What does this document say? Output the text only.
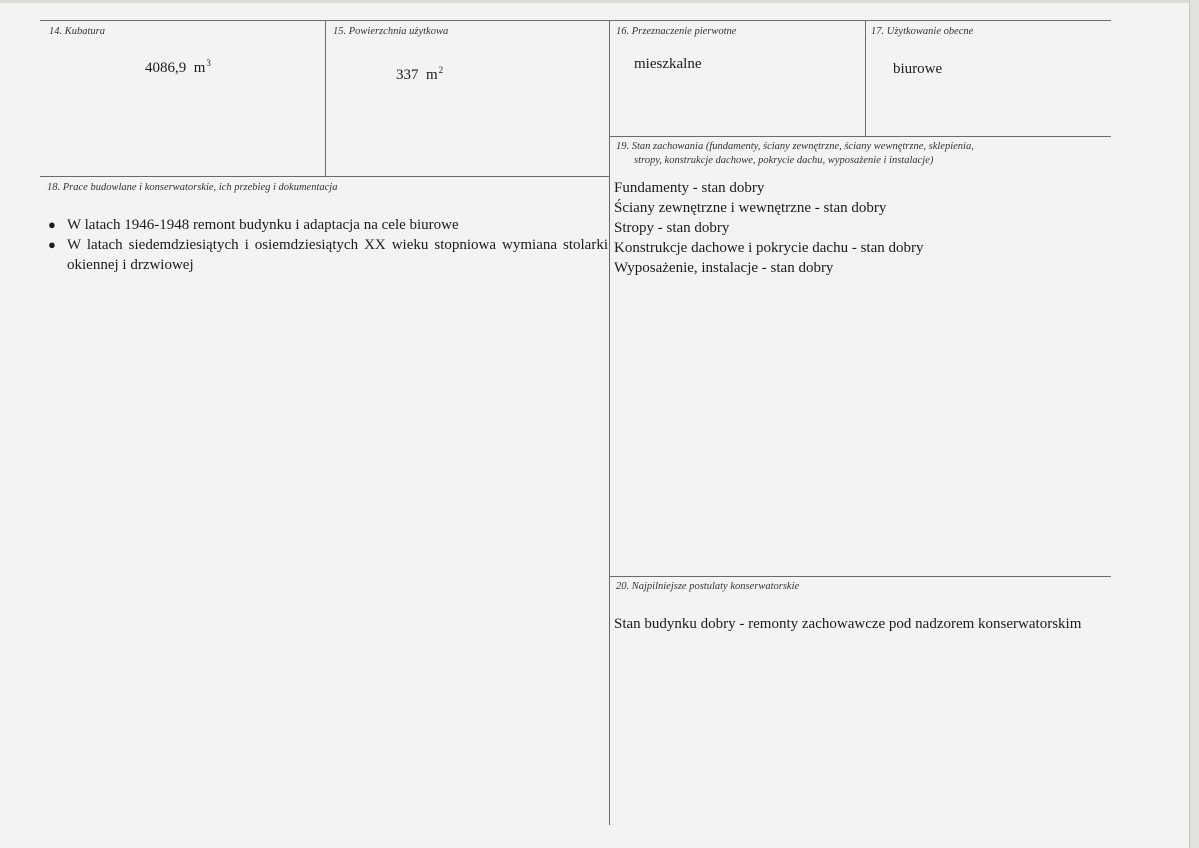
14. Kubatura
4086,9 $m^3$
15. Powierzchnia użytkowa
337 $m^2$
16. Przeznaczenie pierwotne
mieszkalne
17. Użytkowanie obecne
biurowe
19. Stan zachowania (fundamenty, ściany zewnętrzne, ściany wewnętrzne, sklepienia,
stropy, konstrukcje dachowe, pokrycie dachu, wyposażenie i instalacje)
Fundamenty - stan dobry
Ściany zewnętrzne i wewnętrzne - stan dobry
Stropy - stan dobry
Konstrukcje dachowe i pokrycie dachu - stan dobry
Wyposażenie, instalacje - stan dobry
18. Prace budowlane i konserwatorskie, ich przebieg i dokumentacja
● W latach 1946-1948 remont budynku i adaptacja na cele biurowe
● W latach siedemdziesiątych i osiemdziesiątych XX wieku stopniowa wymiana stolarki okiennej i drzwiowej
20. Najpilniejsze postulaty konserwatorskie
Stan budynku dobry - remonty zachowawcze pod nadzorem konserwatorskim
